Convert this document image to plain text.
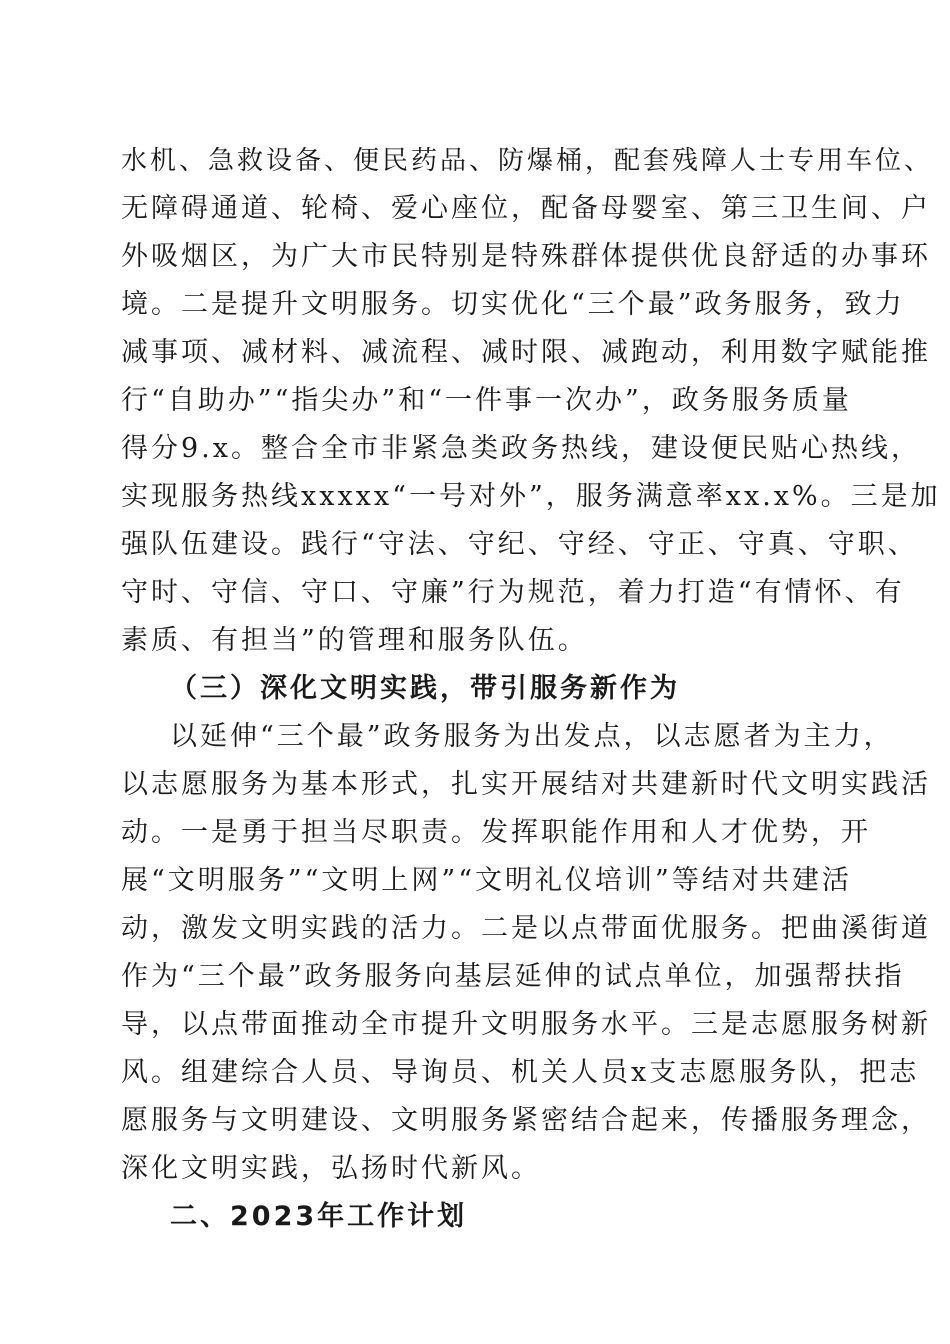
水机、急救设备、便民药品、防爆桶，配套残障人士专用车位、
无障碍通道、轮椅、爱心座位，配备母婴室、第三卫生间、户
外吸烟区，为广大市民特别是特殊群体提供优良舒适的办事环
境。二是提升文明服务。切实优化“三个最”政务服务，致力
减事项、减材料、减流程、减时限、减跑动，利用数字赋能推
行“自助办”“指尖办”和“一件事一次办”，政务服务质量
得分9.x。整合全市非紧急类政务热线，建设便民贴心热线，
实现服务热线xxxxx“一号对外”，服务满意率xx.x%。三是加
强队伍建设。践行“守法、守纪、守经、守正、守真、守职、
守时、守信、守口、守廉”行为规范，着力打造“有情怀、有
素质、有担当”的管理和服务队伍。
（三）深化文明实践，带引服务新作为
以延伸“三个最”政务服务为出发点，以志愿者为主力，
以志愿服务为基本形式，扎实开展结对共建新时代文明实践活
动。一是勇于担当尽职责。发挥职能作用和人才优势，开
展“文明服务”“文明上网”“文明礼仪培训”等结对共建活
动，激发文明实践的活力。二是以点带面优服务。把曲溪街道
作为“三个最”政务服务向基层延伸的试点单位，加强帮扶指
导，以点带面推动全市提升文明服务水平。三是志愿服务树新
风。组建综合人员、导询员、机关人员x支志愿服务队，把志
愿服务与文明建设、文明服务紧密结合起来，传播服务理念，
深化文明实践，弘扬时代新风。
二、2023年工作计划
